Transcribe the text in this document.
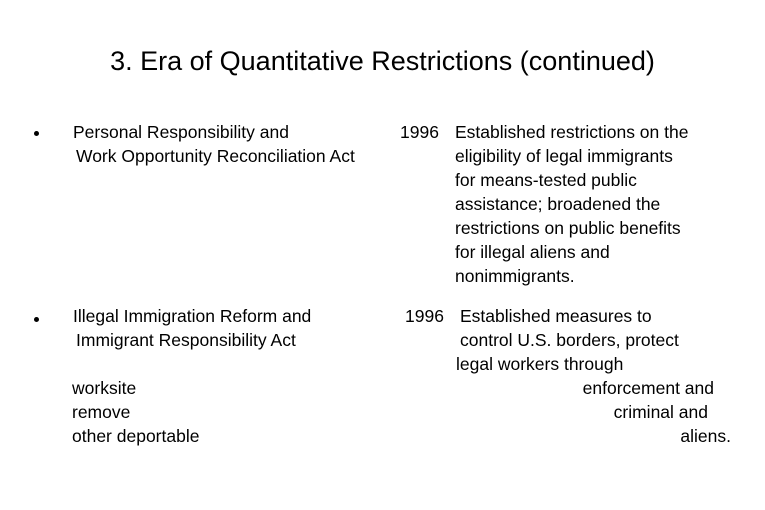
3. Era of Quantitative Restrictions (continued)
Personal Responsibility and
Work Opportunity Reconciliation Act
1996 Established restrictions on the
eligibility of legal immigrants
for means-tested public
assistance; broadened the
restrictions on public benefits
for illegal aliens and
nonimmigrants.
Illegal Immigration Reform and
Immigrant Responsibility Act
1996 Established measures to
control U.S. borders, protect
legal workers through
worksite
remove
other deportable
enforcement and
criminal and
aliens.
